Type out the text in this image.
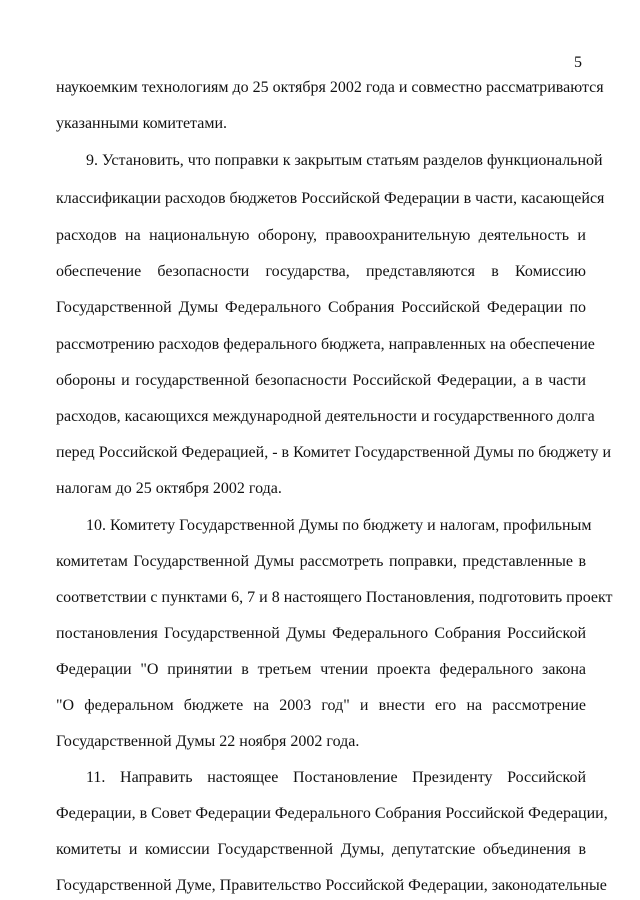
5
наукоемким технологиям до 25 октября 2002 года и совместно рассматриваются
указанными комитетами.
9. Установить, что поправки к закрытым статьям разделов функциональной
классификации расходов бюджетов Российской Федерации в части, касающейся
расходов на национальную оборону, правоохранительную деятельность и
обеспечение безопасности государства, представляются в Комиссию
Государственной Думы Федерального Собрания Российской Федерации по
рассмотрению расходов федерального бюджета, направленных на обеспечение
обороны и государственной безопасности Российской Федерации, а в части
расходов, касающихся международной деятельности и государственного долга
перед Российской Федерацией, - в Комитет Государственной Думы по бюджету и
налогам до 25 октября 2002 года.
10. Комитету Государственной Думы по бюджету и налогам, профильным
комитетам Государственной Думы рассмотреть поправки, представленные в
соответствии с пунктами 6, 7 и 8 настоящего Постановления, подготовить проект
постановления Государственной Думы Федерального Собрания Российской
Федерации "О принятии в третьем чтении проекта федерального закона
"О федеральном бюджете на 2003 год" и внести его на рассмотрение
Государственной Думы 22 ноября 2002 года.
11. Направить настоящее Постановление Президенту Российской
Федерации, в Совет Федерации Федерального Собрания Российской Федерации,
комитеты и комиссии Государственной Думы, депутатские объединения в
Государственной Думе, Правительство Российской Федерации, законодательные
